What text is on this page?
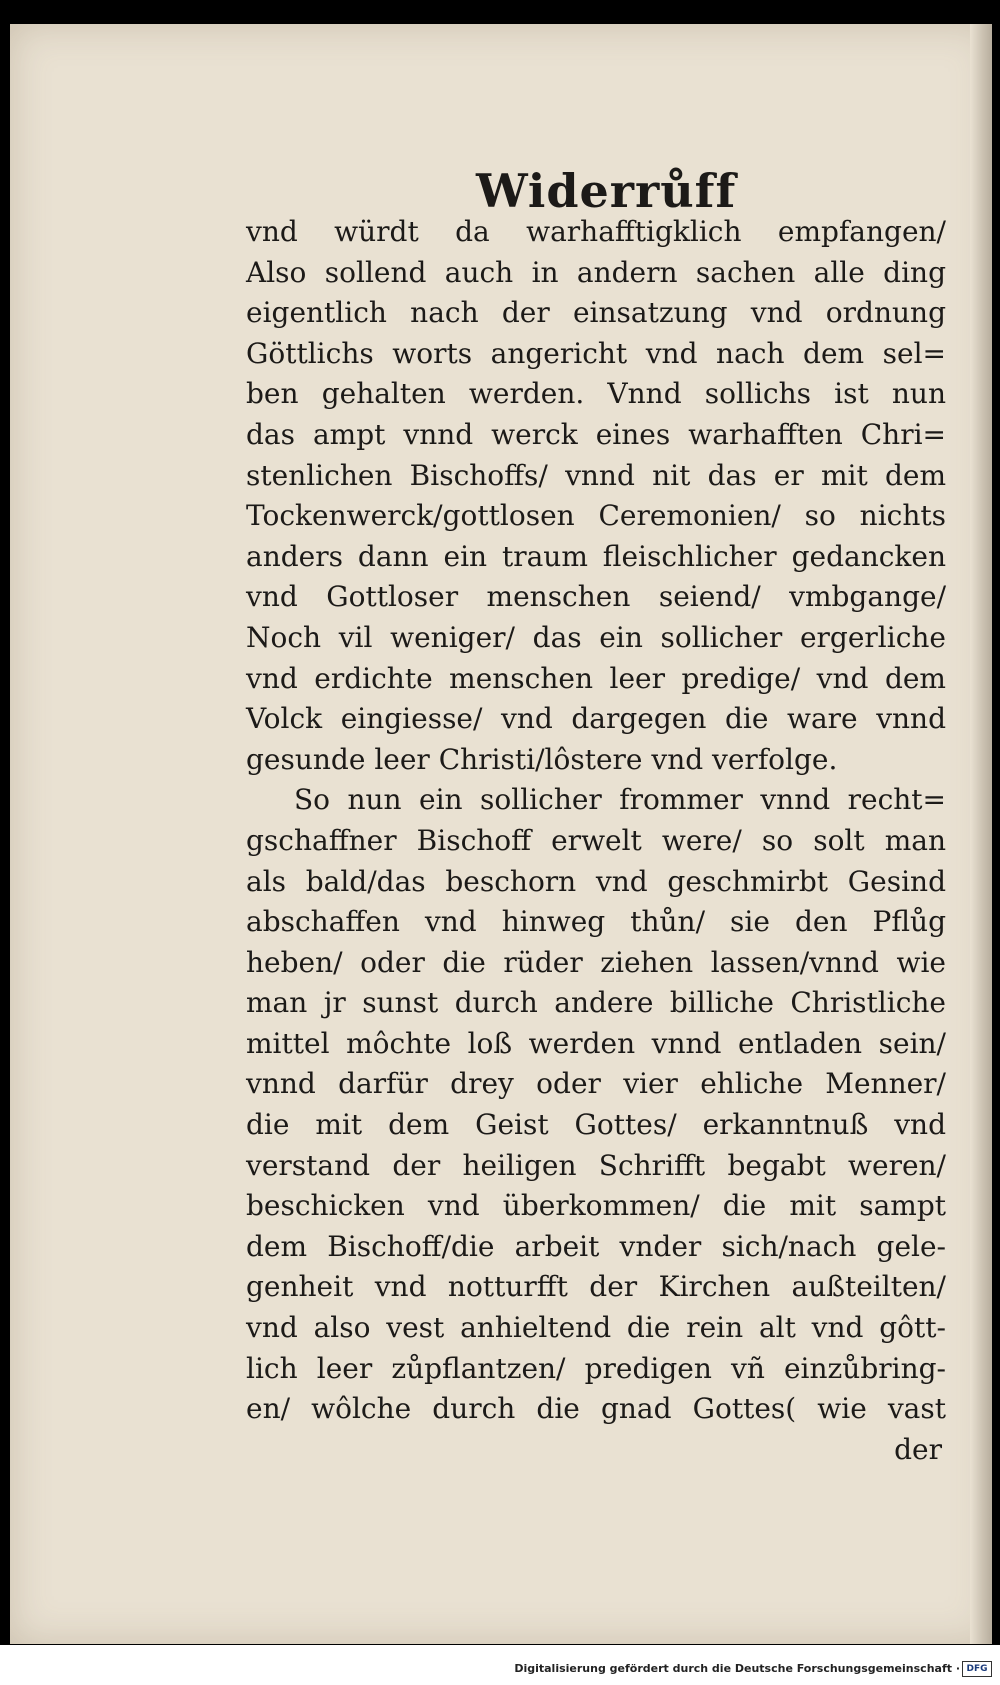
Widerrůff
vnd würdt da warhafftigklich empfangen/
Also sollend auch in andern sachen alle ding
eigentlich nach der einsatzung vnd ordnung
Göttlichs worts angericht vnd nach dem sel=
ben gehalten werden. Vnnd sollichs ist nun
das ampt vnnd werck eines warhafften Chri=
stenlichen Bischoffs/ vnnd nit das er mit dem
Tockenwerck/gottlosen Ceremonien/ so nichts
anders dann ein traum fleischlicher gedancken
vnd Gottloser menschen seiend/ vmbgange/
Noch vil weniger/ das ein sollicher ergerliche
vnd erdichte menschen leer predige/ vnd dem
Volck eingiesse/ vnd dargegen die ware vnnd
gesunde leer Christi/lôstere vnd verfolge.
So nun ein sollicher frommer vnnd recht=
gschaffner Bischoff erwelt were/ so solt man
als bald/das beschorn vnd geschmirbt Gesind
abschaffen vnd hinweg thůn/ sie den Pflůg
heben/ oder die rüder ziehen lassen/vnnd wie
man jr sunst durch andere billiche Christliche
mittel môchte loß werden vnnd entladen sein/
vnnd darfür drey oder vier ehliche Menner/
die mit dem Geist Gottes/ erkanntnuß vnd
verstand der heiligen Schrifft begabt weren/
beschicken vnd überkommen/ die mit sampt
dem Bischoff/die arbeit vnder sich/nach gele-
genheit vnd notturfft der Kirchen außteilten/
vnd also vest anhieltend die rein alt vnd gôtt-
lich leer zůpflantzen/ predigen vñ einzůbring-
en/ wôlche durch die gnad Gottes( wie vast
der
Digitalisierung gefördert durch die Deutsche Forschungsgemeinschaft · DFG
